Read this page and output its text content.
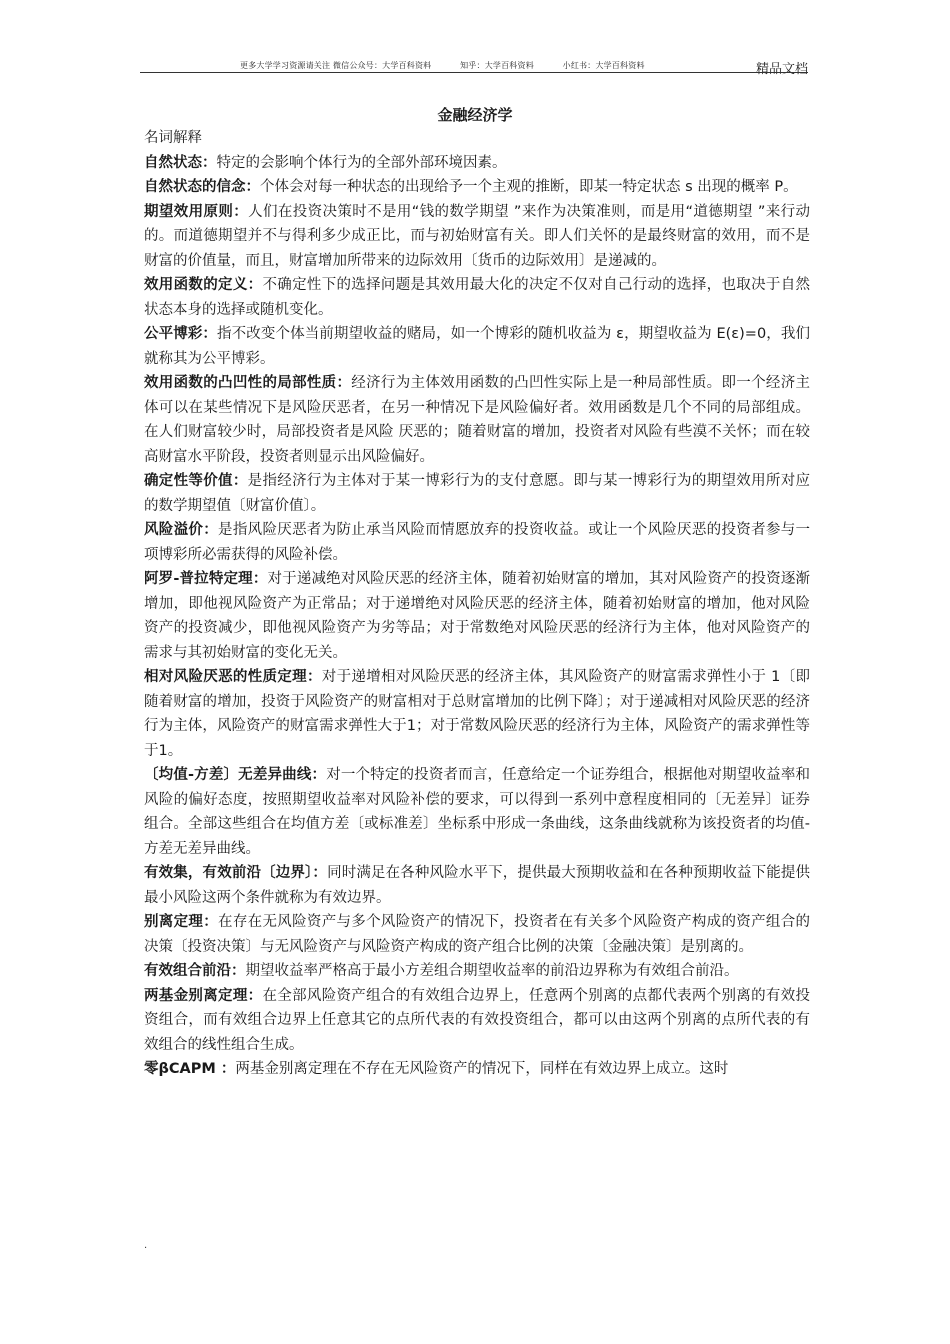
更多大学学习资源请关注 微信公众号：大学百科资料	知乎：大学百科资料	小红书：大学百科资料	精品文档
金融经济学

名词解释

自然状态：特定的会影响个体行为的全部外部环境因素。

自然状态的信念：个体会对每一种状态的出现给予一个主观的推断，即某一特定状态 s 出现的概率 P。

期望效用原则：人们在投资决策时不是用“钱的数学期望 ”来作为决策准则，而是用“道德期望 ”来行动的。而道德期望并不与得利多少成正比，而与初始财富有关。即人们关怀的是最终财富的效用，而不是财富的价值量，而且，财富增加所带来的边际效用〔货币的边际效用〕是递减的。

效用函数的定义：不确定性下的选择问题是其效用最大化的决定不仅对自己行动的选择，也取决于自然状态本身的选择或随机变化。

公平博彩：指不改变个体当前期望收益的赌局，如一个博彩的随机收益为 ε，期望收益为 E(ε)=0，我们就称其为公平博彩。

效用函数的凸凹性的局部性质：经济行为主体效用函数的凸凹性实际上是一种局部性质。即一个经济主体可以在某些情况下是风险厌恶者，在另一种情况下是风险偏好者。效用函数是几个不同的局部组成。在人们财富较少时，局部投资者是风险 厌恶的；随着财富的增加，投资者对风险有些漠不关怀；而在较高财富水平阶段，投资者则显示出风险偏好。

确定性等价值：是指经济行为主体对于某一博彩行为的支付意愿。即与某一博彩行为的期望效用所对应的数学期望值〔财富价值〕。

风险溢价：是指风险厌恶者为防止承当风险而情愿放弃的投资收益。或让一个风险厌恶的投资者参与一项博彩所必需获得的风险补偿。

阿罗-普拉特定理：对于递减绝对风险厌恶的经济主体，随着初始财富的增加，其对风险资产的投资逐渐增加，即他视风险资产为正常品；对于递增绝对风险厌恶的经济主体，随着初始财富的增加，他对风险资产的投资减少，即他视风险资产为劣等品；对于常数绝对风险厌恶的经济行为主体，他对风险资产的需求与其初始财富的变化无关。

相对风险厌恶的性质定理：对于递增相对风险厌恶的经济主体，其风险资产的财富需求弹性小于 1〔即随着财富的增加，投资于风险资产的财富相对于总财富增加的比例下降〕；对于递减相对风险厌恶的经济行为主体，风险资产的财富需求弹性大于1；对于常数风险厌恶的经济行为主体，风险资产的需求弹性等于1。

〔均值-方差〕无差异曲线：对一个特定的投资者而言，任意给定一个证券组合，根据他对期望收益率和风险的偏好态度，按照期望收益率对风险补偿的要求，可以得到一系列中意程度相同的〔无差异〕证券组合。全部这些组合在均值方差〔或标准差〕坐标系中形成一条曲线，这条曲线就称为该投资者的均值-方差无差异曲线。

有效集，有效前沿〔边界〕：同时满足在各种风险水平下，提供最大预期收益和在各种预期收益下能提供最小风险这两个条件就称为有效边界。

别离定理：在存在无风险资产与多个风险资产的情况下，投资者在有关多个风险资产构成的资产组合的决策〔投资决策〕与无风险资产与风险资产构成的资产组合比例的决策〔金融决策〕是别离的。

有效组合前沿：期望收益率严格高于最小方差组合期望收益率的前沿边界称为有效组合前沿。

两基金别离定理：在全部风险资产组合的有效组合边界上，任意两个别离的点都代表两个别离的有效投资组合，而有效组合边界上任意其它的点所代表的有效投资组合，都可以由这两个别离的点所代表的有效组合的线性组合生成。

零βCAPM ：两基金别离定理在不存在无风险资产的情况下，同样在有效边界上成立。这时

.
